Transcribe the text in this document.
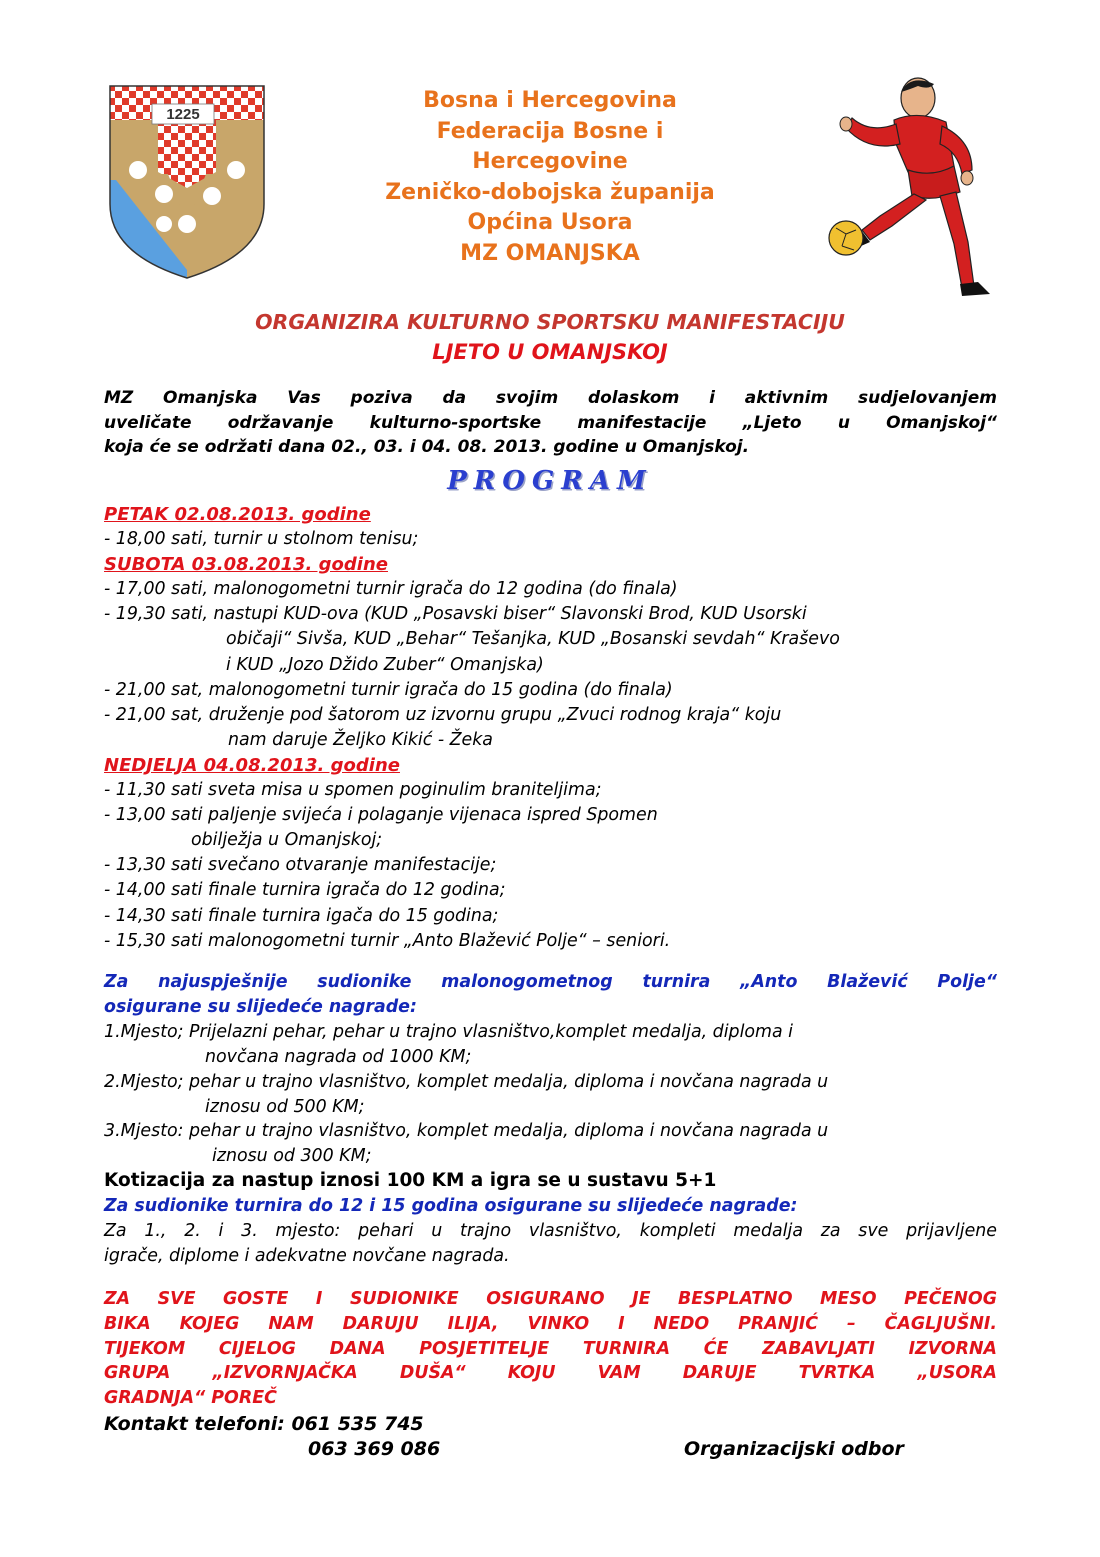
1225
Bosna i Hercegovina
Federacija Bosne i
Hercegovine
Zeničko-dobojska županija
Općina Usora
MZ OMANJSKA
ORGANIZIRA KULTURNO SPORTSKU MANIFESTACIJU
LJETO U OMANJSKOJ
MZ Omanjska Vas poziva da svojim dolaskom i aktivnim sudjelovanjem
uveličate održavanje kulturno-sportske manifestacije „Ljeto u Omanjskoj“
koja će se održati dana 02., 03. i 04. 08. 2013. godine u Omanjskoj.
PROGRAM
PETAK 02.08.2013. godine
- 18,00 sati, turnir u stolnom tenisu;
SUBOTA 03.08.2013. godine
- 17,00 sati, malonogometni turnir igrača do 12 godina (do finala)
- 19,30 sati, nastupi KUD-ova (KUD „Posavski biser“ Slavonski Brod, KUD Usorski
običaji“ Sivša, KUD „Behar“ Tešanjka, KUD „Bosanski sevdah“ Kraševo
i KUD „Jozo Džido Zuber“ Omanjska)
- 21,00 sat, malonogometni turnir igrača do 15 godina (do finala)
- 21,00 sat, druženje pod šatorom uz izvornu grupu „Zvuci rodnog kraja“ koju
nam daruje Željko Kikić - Žeka
NEDJELJA 04.08.2013. godine
- 11,30 sati sveta misa u spomen poginulim braniteljima;
- 13,00 sati paljenje svijeća i polaganje vijenaca ispred Spomen
obilježja u Omanjskoj;
- 13,30 sati svečano otvaranje manifestacije;
- 14,00 sati finale turnira igrača do 12 godina;
- 14,30 sati finale turnira igača do 15 godina;
- 15,30 sati malonogometni turnir „Anto Blažević Polje“ – seniori.
Za najuspješnije sudionike malonogometnog turnira „Anto Blažević Polje“
osigurane su slijedeće nagrade:
1.Mjesto; Prijelazni pehar, pehar u trajno vlasništvo,komplet medalja, diploma i
novčana nagrada od 1000 KM;
2.Mjesto; pehar u trajno vlasništvo, komplet medalja, diploma i novčana nagrada u
iznosu od 500 KM;
3.Mjesto: pehar u trajno vlasništvo, komplet medalja, diploma i novčana nagrada u
iznosu od 300 KM;
Kotizacija za nastup iznosi 100 KM a igra se u sustavu 5+1
Za sudionike turnira do 12 i 15 godina osigurane su slijedeće nagrade:
Za 1., 2. i 3. mjesto: pehari u trajno vlasništvo, kompleti medalja za sve prijavljene
igrače, diplome i adekvatne novčane nagrada.
ZA SVE GOSTE I SUDIONIKE OSIGURANO JE BESPLATNO MESO PEČENOG
BIKA KOJEG NAM DARUJU ILIJA, VINKO I NEDO PRANJIĆ – ČAGLJUŠNI.
TIJEKOM CIJELOG DANA POSJETITELJE TURNIRA ĆE ZABAVLJATI IZVORNA
GRUPA „IZVORNJAČKA DUŠA“ KOJU VAM DARUJE TVRTKA „USORA
GRADNJA“ POREČ
Kontakt telefoni: 061 535 745
063 369 086	Organizacijski odbor
